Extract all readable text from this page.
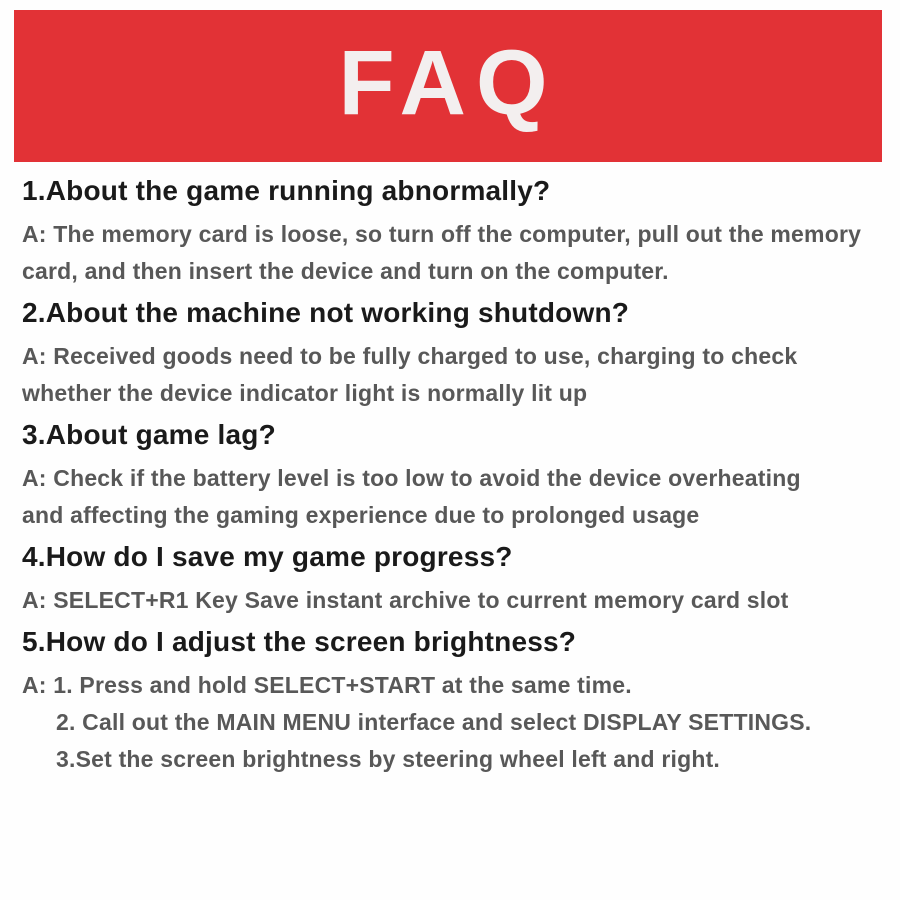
FAQ
1.About the game running abnormally?
A: The memory card is loose, so turn off the computer, pull out the memory
card, and then insert the device and turn on the computer.
2.About the machine not working shutdown?
A: Received goods need to be fully charged to use, charging to check
whether the device indicator light is normally lit up
3.About game lag?
A: Check if the battery level is too low to avoid the device overheating
and affecting the gaming experience due to prolonged usage
4.How do I save my game progress?
A: SELECT+R1 Key Save instant archive to current memory card slot
5.How do I adjust the screen brightness?
A: 1. Press and hold SELECT+START at the same time.
2. Call out the MAIN MENU interface and select DISPLAY SETTINGS.
3.Set the screen brightness by steering wheel left and right.
